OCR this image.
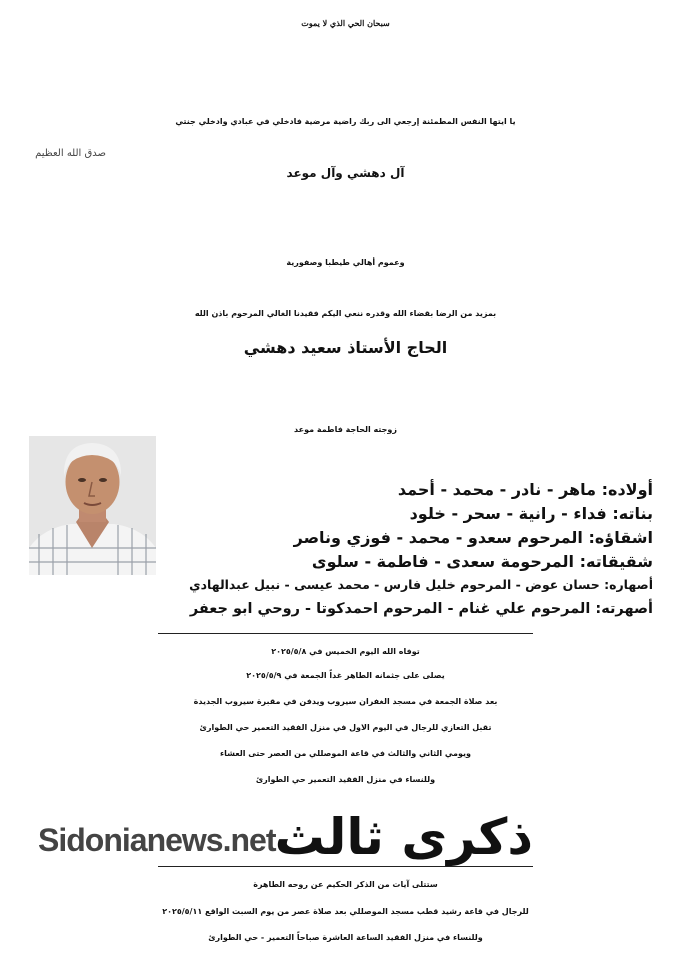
سبحان الحي الذي لا يموت
يا ايتها النفس المطمئنة إرجعي الى ربك راضية مرضية فادخلي في عبادي وادخلي جنتي
صدق الله العظيم
آل دهشي وآل موعد
وعموم أهالي طيطبا وصفورية
بمزيد من الرضا بقضاء الله وقدره ننعي اليكم فقيدنا الغالي المرحوم باذن الله
الحاج الأستاذ سعيد دهشي
زوجته الحاجة فاطمة موعد
أولاده: ماهر - نادر - محمد - أحمد
بناته: فداء - رانية - سحر - خلود
اشقاؤه: المرحوم سعدو - محمد - فوزي وناصر
شقيقاته: المرحومة سعدى - فاطمة - سلوى
أصهاره: حسان عوض - المرحوم خليل فارس - محمد عيسى - نبيل عبدالهادي
أصهرته: المرحوم علي غنام - المرحوم احمدكوتا - روحي ابو جعفر
توفاه الله اليوم الخميس في ٢٠٢٥/٥/٨
يصلى على جثمانه الطاهر غداً الجمعة في ٢٠٢٥/٥/٩
بعد صلاة الجمعة في مسجد الغفران سيروب ويدفن في مقبرة سيروب الجديدة
تقبل التعازي للرجال في اليوم الاول في منزل الفقيد التعمير حي الطوارئ
ويومي الثاني والثالث في قاعة الموصللي من العصر حتى العشاء
وللنساء في منزل الفقيد التعمير حي الطوارئ
Sidonianews.net ذكرى ثالث
ستتلى آيات من الذكر الحكيم عن روحه الطاهرة
للرجال في قاعة رشيد قطب مسجد الموصللي بعد صلاة عصر من يوم السبت الواقع ٢٠٢٥/٥/١١
وللنساء في منزل الفقيد الساعة العاشرة صباحاً التعمير - حي الطوارئ
